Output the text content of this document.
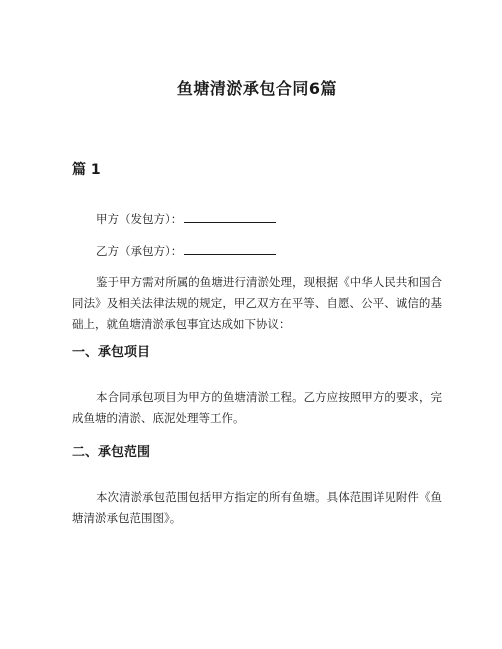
鱼塘清淤承包合同6篇
篇 1

甲方（发包方）：

乙方（承包方）：

鉴于甲方需对所属的鱼塘进行清淤处理，现根据《中华人民共和国合同法》及相关法律法规的规定，甲乙双方在平等、自愿、公平、诚信的基础上，就鱼塘清淤承包事宜达成如下协议：

一、承包项目

本合同承包项目为甲方的鱼塘清淤工程。乙方应按照甲方的要求，完成鱼塘的清淤、底泥处理等工作。

二、承包范围

本次清淤承包范围包括甲方指定的所有鱼塘。具体范围详见附件《鱼塘清淤承包范围图》。
